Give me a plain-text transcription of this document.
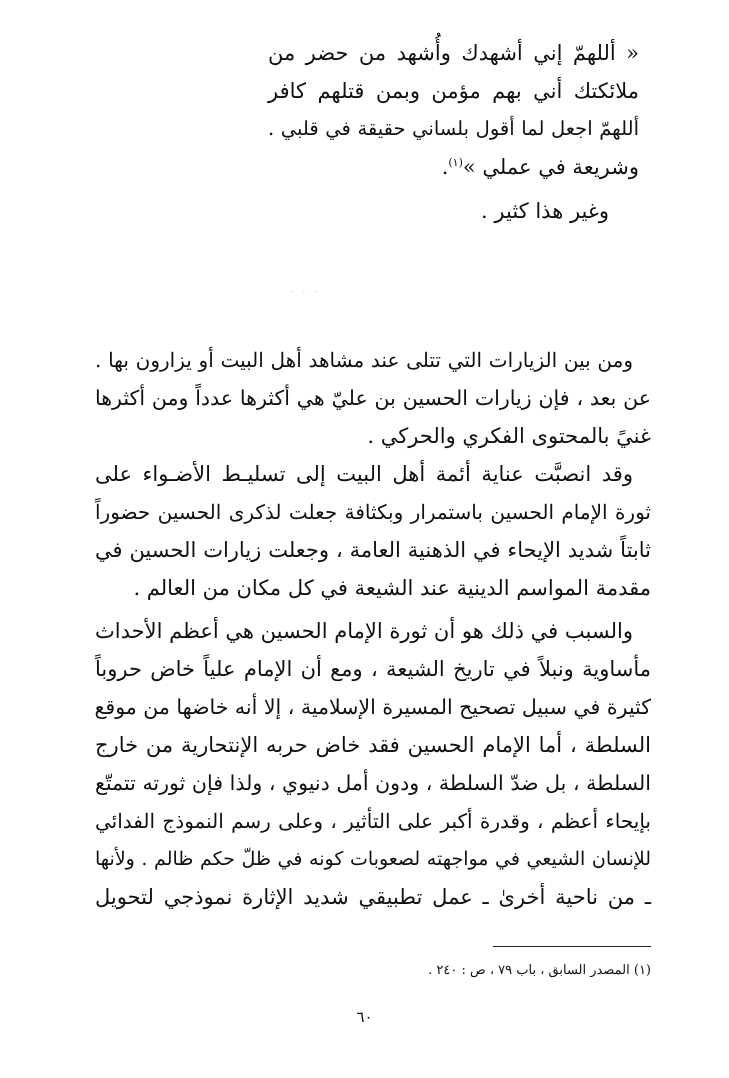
« أللهمّ إني أشهدك وأُشهد من حضر من
ملائكتك أني بهم مؤمن وبمن قتلهم كافر
أللهمّ اجعل لما أقول بلساني حقيقة في قلبي .
وشريعة في عملي »$^{(١)}$.
وغير هذا كثير .
. . .
ومن بين الزيارات التي تتلى عند مشاهد أهل البيت أو يزارون بها .
عن بعد ، فإن زيارات الحسين بن عليّ هي أكثرها عدداً ومن أكثرها
غنيً بالمحتوى الفكري والحركي .
وقد انصبَّت عناية أئمة أهل البيت إلى تسليـط الأضـواء على
ثورة الإمام الحسين باستمرار وبكثافة جعلت لذكرى الحسين حضوراً
ثابتاً شديد الإيحاء في الذهنية العامة ، وجعلت زيارات الحسين في
مقدمة المواسم الدينية عند الشيعة في كل مكان من العالم .
والسبب في ذلك هو أن ثورة الإمام الحسين هي أعظم الأحداث
مأساوية ونبلاً في تاريخ الشيعة ، ومع أن الإمام علياً خاض حروباً
كثيرة في سبيل تصحيح المسيرة الإسلامية ، إلا أنه خاضها من موقع
السلطة ، أما الإمام الحسين فقد خاض حربه الإنتحارية من خارج
السلطة ، بل ضدّ السلطة ، ودون أمل دنيوي ، ولذا فإن ثورته تتمتّع
بإيحاء أعظم ، وقدرة أكبر على التأثير ، وعلى رسم النموذج الفدائي
للإنسان الشيعي في مواجهته لصعوبات كونه في ظلّ حكم ظالم . ولأنها
ـ من ناحية أخرىٰ ـ عمل تطبيقي شديد الإثارة نموذجي لتحويل
(١) المصدر السابق ، باب ٧٩ ، ص : ٢٤٠ .
٦٠
